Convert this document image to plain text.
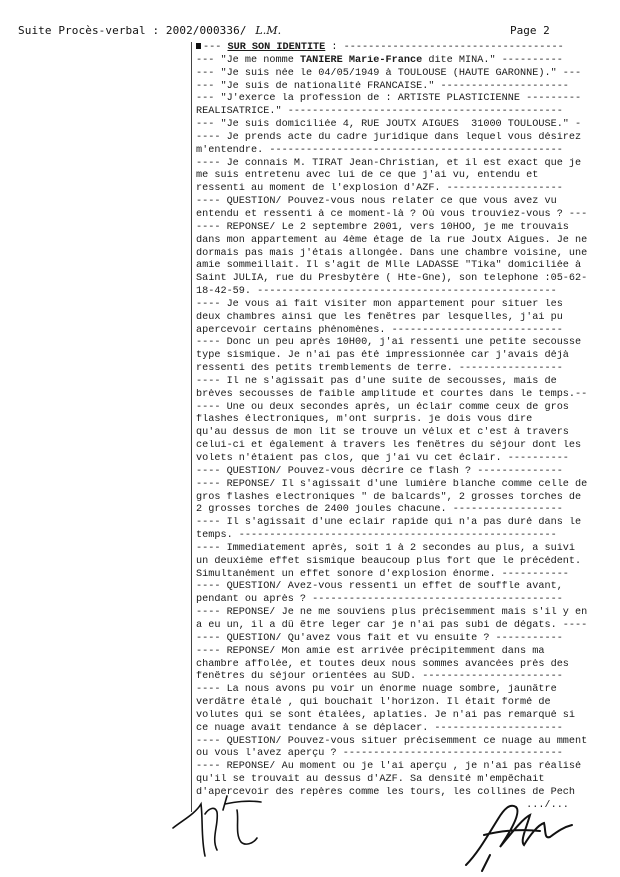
Suite Procès-verbal : 2002/000336/ L.M.	Page 2
--- SUR SON IDENTITE : ------------------------------------
--- "Je me nomme TANIERE Marie-France dite MINA." ----------
--- "Je suis née le 04/05/1949 à TOULOUSE (HAUTE GARONNE)." ---
--- "Je suis de nationalité FRANCAISE." ---------------------
--- "J'exerce la profession de : ARTISTE PLASTICIENNE ---------
REALISATRICE." ---------------------------------------------
--- "Je suis domiciliée 4, RUE JOUTX AIGUES  31000 TOULOUSE." -
---- Je prends acte du cadre juridique dans lequel vous désirez
m'entendre. ------------------------------------------------
---- Je connais M. TIRAT Jean-Christian, et il est exact que je
me suis entretenu avec lui de ce que j'ai vu, entendu et
ressenti au moment de l'explosion d'AZF. -------------------
---- QUESTION/ Pouvez-vous nous relater ce que vous avez vu
entendu et ressenti à ce moment-là ? Où vous trouviez-vous ? ---
---- REPONSE/ Le 2 septembre 2001, vers 10HOO, je me trouvais
dans mon appartement au 4ème étage de la rue Joutx Aigues. Je ne
dormais pas mais j'étais allongée. Dans une chambre voisine, une
amie sommeillait. Il s'agit de Mlle LADASSE "Tika" domiciliée à
Saint JULIA, rue du Presbytère ( Hte-Gne), son telephone :05-62-
18-42-59. -------------------------------------------------
---- Je vous ai fait visiter mon appartement pour situer les
deux chambres ainsi que les fenêtres par lesquelles, j'ai pu
apercevoir certains phénomènes. ----------------------------
---- Donc un peu après 10H00, j'ai ressenti une petite secousse
type sismique. Je n'ai pas été impressionnée car j'avais déjà
ressenti des petits tremblements de terre. -----------------
---- Il ne s'agissait pas d'une suite de secousses, mais de
brèves secousses de faible amplitude et courtes dans le temps.--
---- Une ou deux secondes après, un éclair comme ceux de gros
flashes électroniques, m'ont surpris. je dois vous dire
qu'au dessus de mon lit se trouve un vélux et c'est à travers
celui-ci et également à travers les fenêtres du séjour dont les
volets n'étaient pas clos, que j'ai vu cet éclair. ----------
---- QUESTION/ Pouvez-vous décrire ce flash ? --------------
---- REPONSE/ Il s'agissait d'une lumière blanche comme celle de
gros flashes electroniques " de balcards", 2 grosses torches de
2 grosses torches de 2400 joules chacune. ------------------
---- Il s'agissait d'une eclair rapide qui n'a pas duré dans le
temps. ----------------------------------------------------
---- Immediatement après, soit 1 à 2 secondes au plus, a suivi
un deuxième effet sismique beaucoup plus fort que le précédent.
Simultanément un effet sonore d'explosion énorme. -----------
---- QUESTION/ Avez-vous ressenti un effet de souffle avant,
pendant ou après ? -----------------------------------------
---- REPONSE/ Je ne me souviens plus précisemment mais s'il y en
a eu un, il a dû être leger car je n'ai pas subi de dégats. ----
---- QUESTION/ Qu'avez vous fait et vu ensuite ? -----------
---- REPONSE/ Mon amie est arrivée précipitemment dans ma
chambre affolée, et toutes deux nous sommes avancées près des
fenêtres du séjour orientées au SUD. -----------------------
---- La nous avons pu voir un énorme nuage sombre, jaunâtre
verdâtre étalé , qui bouchait l'horizon. Il était formé de
volutes qui se sont étalées, aplaties. Je n'ai pas remarqué si
ce nuage avait tendance à se déplacer. ---------------------
---- QUESTION/ Pouvez-vous situer précisemment ce nuage au mment
ou vous l'avez aperçu ? ------------------------------------
---- REPONSE/ Au moment ou je l'ai aperçu , je n'ai pas réalisé
qu'il se trouvait au dessus d'AZF. Sa densité m'empêchait
d'apercevoir des repères comme les tours, les collines de Pech
.../...
